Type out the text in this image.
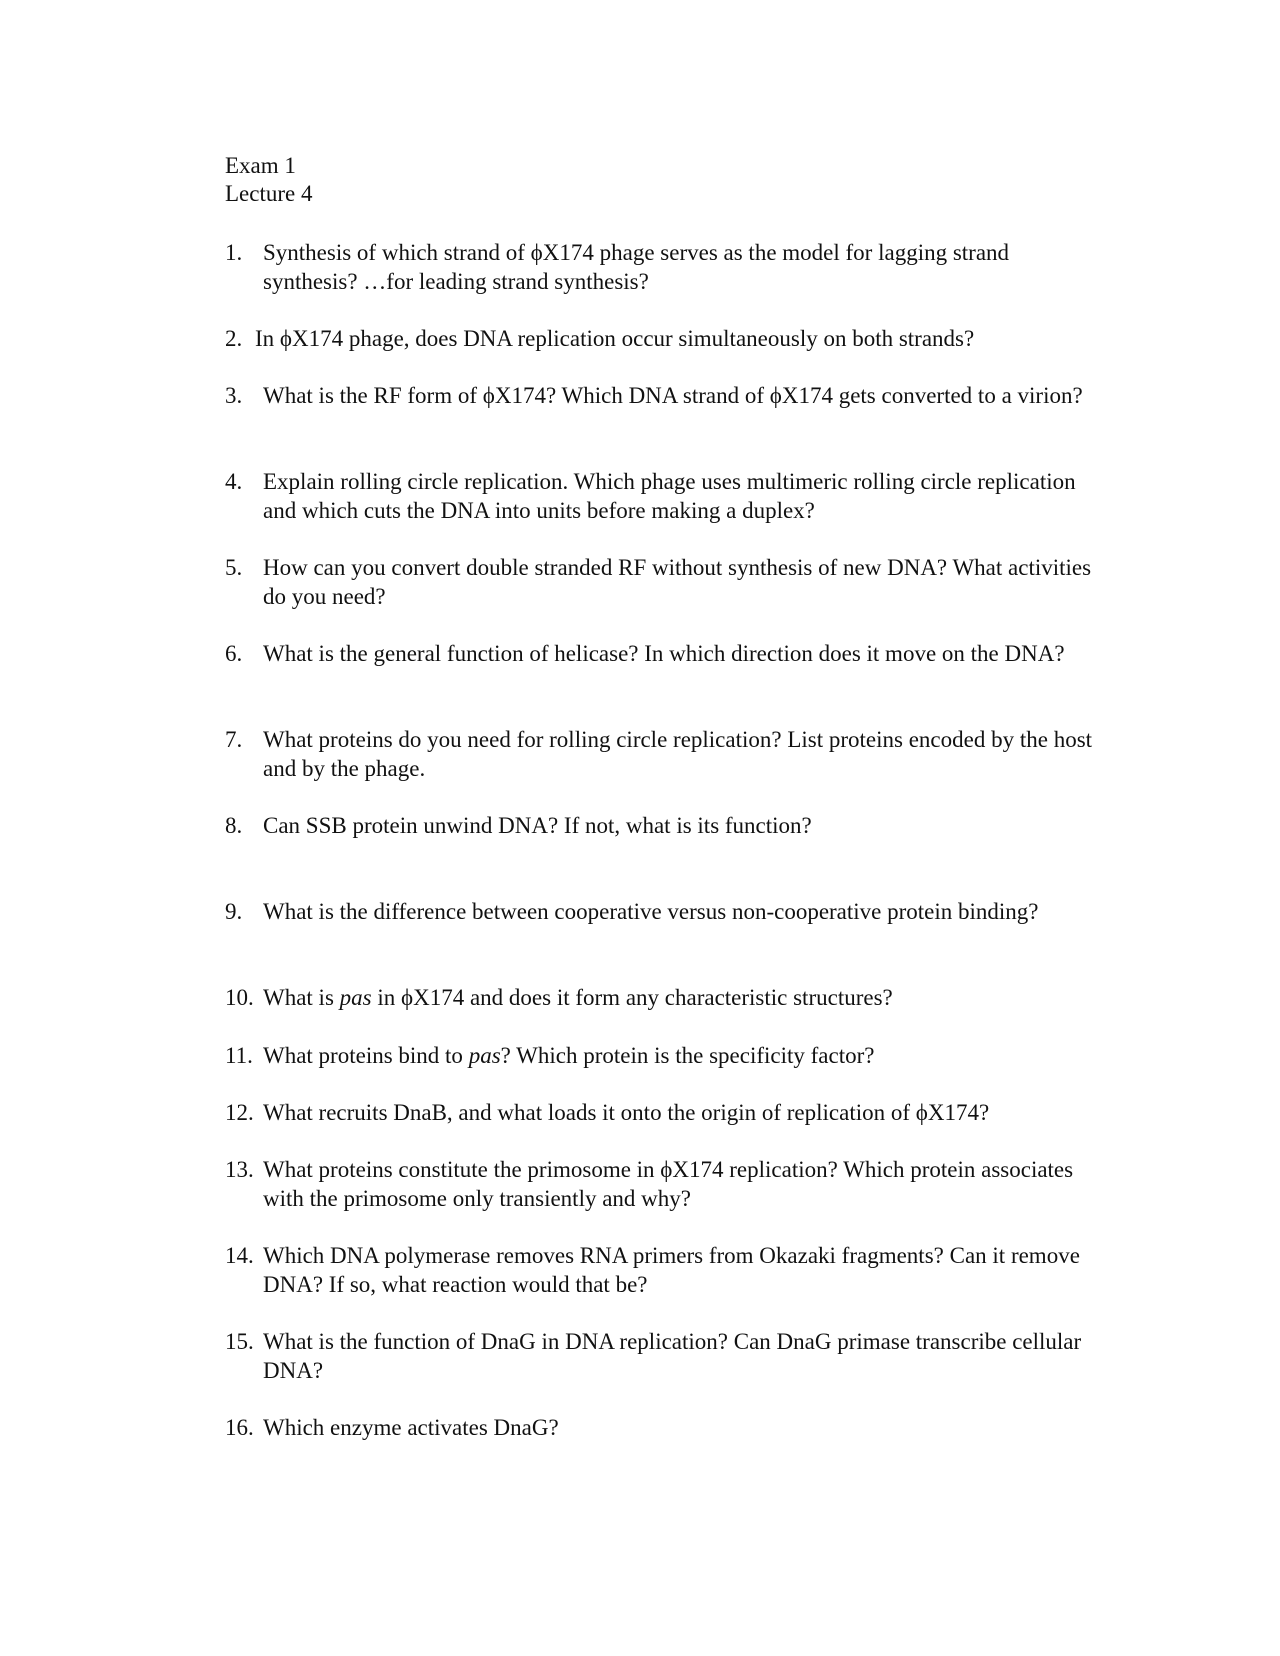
Exam 1
Lecture 4
1. Synthesis of which strand of ϕX174 phage serves as the model for lagging strand synthesis? …for leading strand synthesis?
2. In ϕX174 phage, does DNA replication occur simultaneously on both strands?
3. What is the RF form of ϕX174? Which DNA strand of ϕX174 gets converted to a virion?
4. Explain rolling circle replication. Which phage uses multimeric rolling circle replication and which cuts the DNA into units before making a duplex?
5. How can you convert double stranded RF without synthesis of new DNA? What activities do you need?
6. What is the general function of helicase? In which direction does it move on the DNA?
7. What proteins do you need for rolling circle replication? List proteins encoded by the host and by the phage.
8. Can SSB protein unwind DNA? If not, what is its function?
9. What is the difference between cooperative versus non-cooperative protein binding?
10. What is pas in ϕX174 and does it form any characteristic structures?
11. What proteins bind to pas? Which protein is the specificity factor?
12. What recruits DnaB, and what loads it onto the origin of replication of ϕX174?
13. What proteins constitute the primosome in ϕX174 replication? Which protein associates with the primosome only transiently and why?
14. Which DNA polymerase removes RNA primers from Okazaki fragments? Can it remove DNA? If so, what reaction would that be?
15. What is the function of DnaG in DNA replication? Can DnaG primase transcribe cellular DNA?
16. Which enzyme activates DnaG?
